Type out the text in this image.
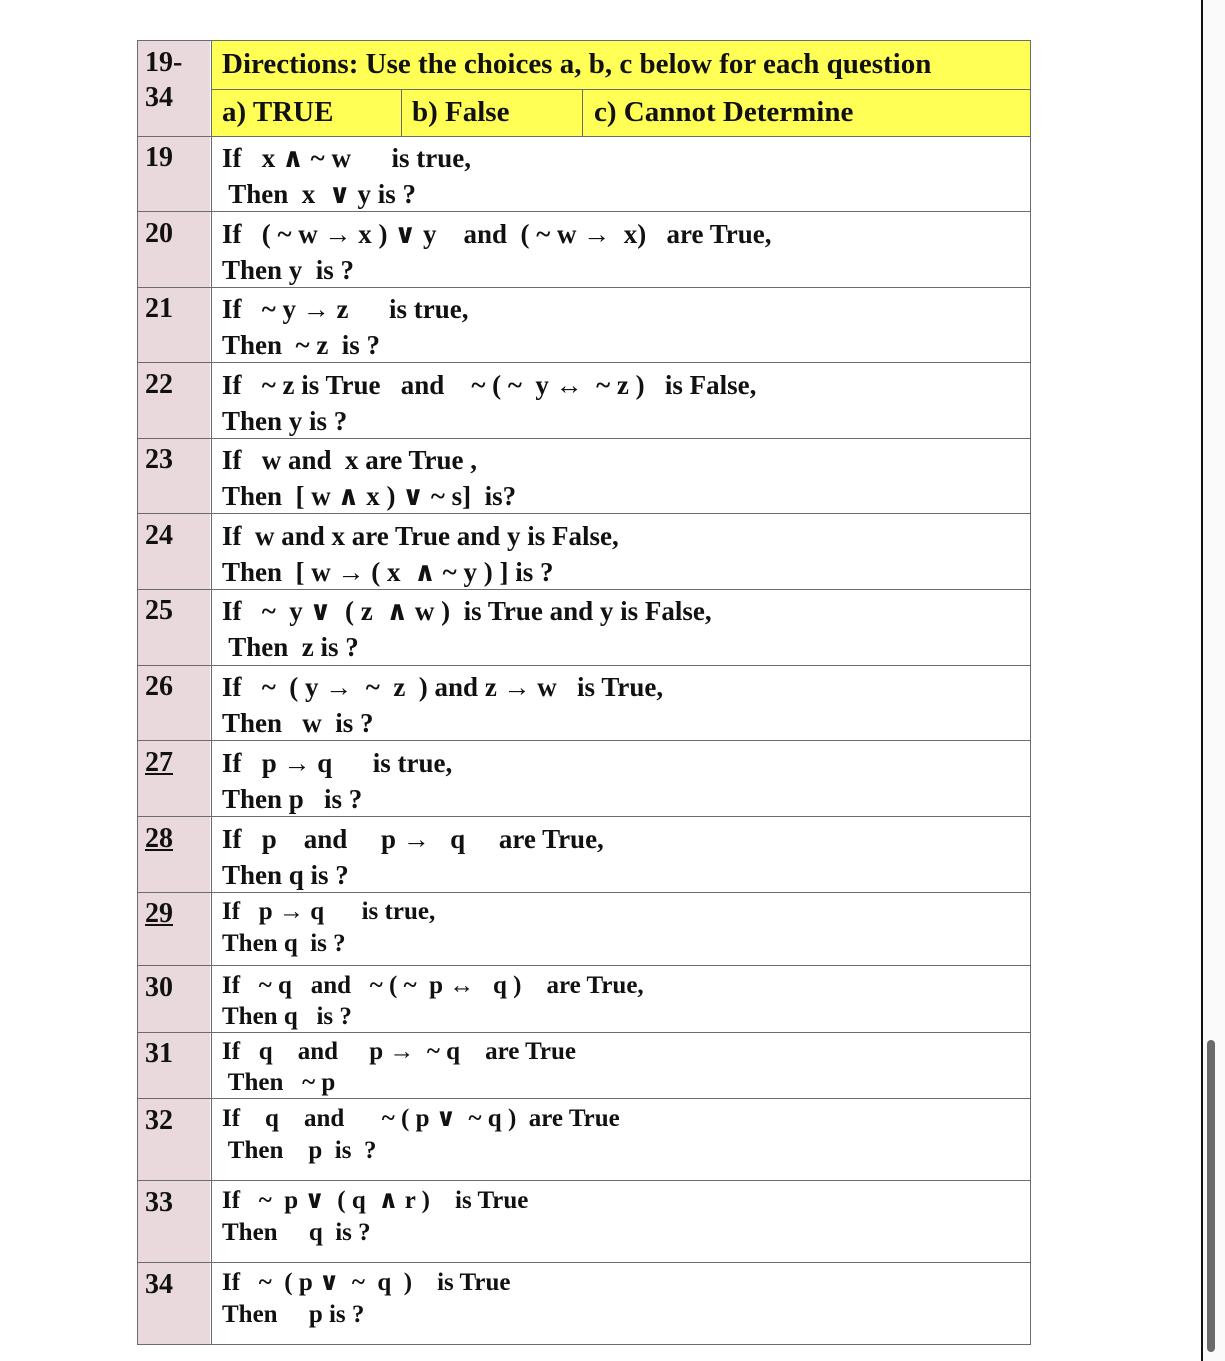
19-
34
Directions: Use the choices a, b, c below for each question
a) TRUE	b) False	c) Cannot Determine
19 If   x ∧ ~ w      is true,
Then  x  ∨ y is ?
20 If   ( ~ w → x ) ∨ y    and  ( ~ w →  x)   are True,
Then y  is ?
21 If   ~ y → z      is true,
Then  ~ z  is ?
22 If   ~ z is True   and    ~ ( ~  y ↔  ~ z )   is False,
Then y is ?
23 If   w and  x are True ,
Then  [ w ∧ x ) ∨ ~ s]  is?
24 If  w and x are True and y is False,
Then  [ w → ( x  ∧ ~ y ) ] is ?
25 If   ~  y ∨  ( z  ∧ w )  is True and y is False,
Then  z is ?
26 If   ~  ( y →  ~  z  ) and z → w   is True,
Then   w  is ?
27 If   p → q      is true,
Then p   is ?
28 If   p    and     p →   q     are True,
Then q is ?
29 If   p → q      is true,
Then q  is ?
30 If   ~ q   and   ~ ( ~  p ↔   q )    are True,
Then q   is ?
31 If   q    and     p →  ~ q    are True
Then   ~ p
32 If    q    and      ~ ( p ∨  ~ q )  are True
Then    p  is  ?
33 If   ~  p ∨  ( q  ∧ r )    is True
Then     q  is ?
34 If   ~  ( p ∨  ~  q  )    is True
Then     p is ?
